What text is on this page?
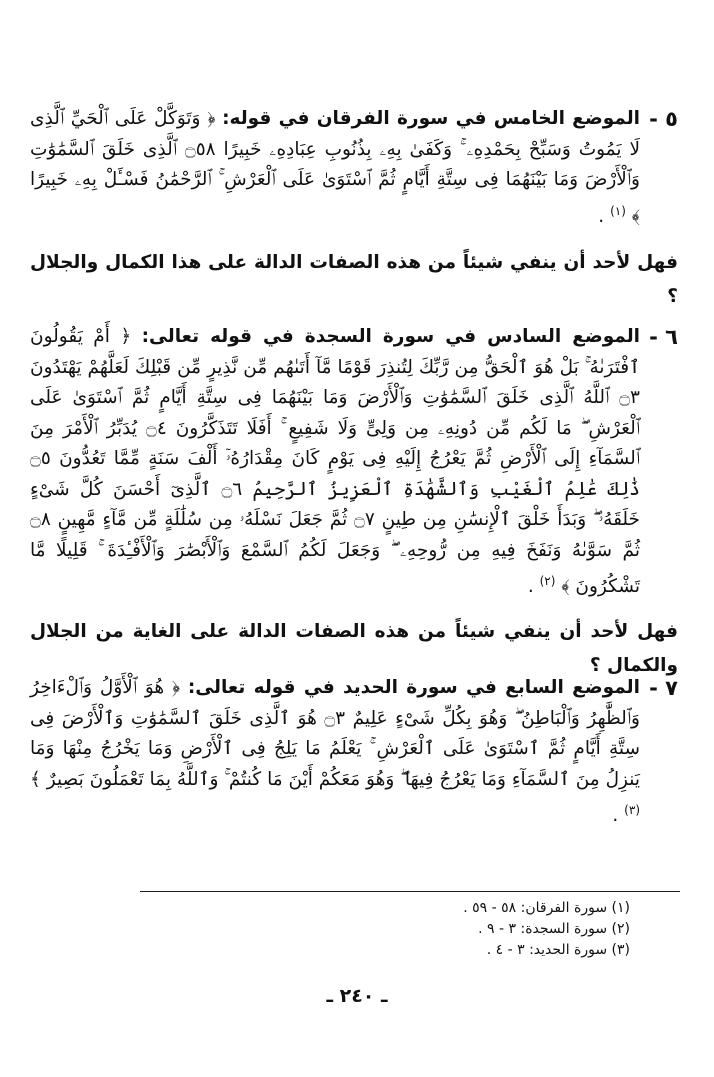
٥ -
الموضع الخامس في سورة الفرقان في قوله: ﴿ وَتَوَكَّلْ عَلَى ٱلْحَيِّ ٱلَّذِى لَا يَمُوتُ وَسَبِّحْ بِحَمْدِهِۦ ۚ وَكَفَىٰ بِهِۦ بِذُنُوبِ عِبَادِهِۦ خَبِيرًا ۝٥٨ ٱلَّذِى خَلَقَ ٱلسَّمَٰوَٰتِ وَٱلْأَرْضَ وَمَا بَيْنَهُمَا فِى سِتَّةِ أَيَّامٍ ثُمَّ ٱسْتَوَىٰ عَلَى ٱلْعَرْشِ ۚ ٱلرَّحْمَٰنُ فَسْـَٔلْ بِهِۦ خَبِيرًا ﴾ $^{(١)}$ .
فهل لأحد أن ينفي شيئاً من هذه الصفات الدالة على هذا الكمال والجلال ؟
٦ -
الموضع السادس في سورة السجدة في قوله تعالى: ﴿ أَمْ يَقُولُونَ ٱفْتَرَىٰهُ ۚ بَلْ هُوَ ٱلْحَقُّ مِن رَّبِّكَ لِتُنذِرَ قَوْمًا مَّآ أَتَىٰهُم مِّن نَّذِيرٍ مِّن قَبْلِكَ لَعَلَّهُمْ يَهْتَدُونَ ۝٣ ٱللَّهُ ٱلَّذِى خَلَقَ ٱلسَّمَٰوَٰتِ وَٱلْأَرْضَ وَمَا بَيْنَهُمَا فِى سِتَّةِ أَيَّامٍ ثُمَّ ٱسْتَوَىٰ عَلَى ٱلْعَرْشِ ۖ مَا لَكُم مِّن دُونِهِۦ مِن وَلِىٍّ وَلَا شَفِيعٍ ۚ أَفَلَا تَتَذَكَّرُونَ ۝٤ يُدَبِّرُ ٱلْأَمْرَ مِنَ ٱلسَّمَآءِ إِلَى ٱلْأَرْضِ ثُمَّ يَعْرُجُ إِلَيْهِ فِى يَوْمٍ كَانَ مِقْدَارُهُۥٓ أَلْفَ سَنَةٍ مِّمَّا تَعُدُّونَ ۝٥ ذَٰلِكَ عَٰلِمُ ٱلْغَيْبِ وَٱلشَّهَٰدَةِ ٱلْعَزِيزُ ٱلرَّحِيمُ ۝٦ ٱلَّذِىٓ أَحْسَنَ كُلَّ شَىْءٍ خَلَقَهُۥ ۖ وَبَدَأَ خَلْقَ ٱلْإِنسَٰنِ مِن طِينٍ ۝٧ ثُمَّ جَعَلَ نَسْلَهُۥ مِن سُلَٰلَةٍ مِّن مَّآءٍ مَّهِينٍ ۝٨ ثُمَّ سَوَّىٰهُ وَنَفَخَ فِيهِ مِن رُّوحِهِۦ ۖ وَجَعَلَ لَكُمُ ٱلسَّمْعَ وَٱلْأَبْصَٰرَ وَٱلْأَفْـِٔدَةَ ۚ قَلِيلًا مَّا تَشْكُرُونَ ﴾ $^{(٢)}$ .
فهل لأحد أن ينفي شيئاً من هذه الصفات الدالة على الغاية من الجلال والكمال ؟
٧ -
الموضع السابع في سورة الحديد في قوله تعالى: ﴿ هُوَ ٱلْأَوَّلُ وَٱلْءَاخِرُ وَٱلظَّٰهِرُ وَٱلْبَاطِنُ ۖ وَهُوَ بِكُلِّ شَىْءٍ عَلِيمٌ ۝٣ هُوَ ٱلَّذِى خَلَقَ ٱلسَّمَٰوَٰتِ وَٱلْأَرْضَ فِى سِتَّةِ أَيَّامٍ ثُمَّ ٱسْتَوَىٰ عَلَى ٱلْعَرْشِ ۚ يَعْلَمُ مَا يَلِجُ فِى ٱلْأَرْضِ وَمَا يَخْرُجُ مِنْهَا وَمَا يَنزِلُ مِنَ ٱلسَّمَآءِ وَمَا يَعْرُجُ فِيهَا ۖ وَهُوَ مَعَكُمْ أَيْنَ مَا كُنتُمْ ۚ وَٱللَّهُ بِمَا تَعْمَلُونَ بَصِيرٌ ﴾ $^{(٣)}$ .
(١) سورة الفرقان: ٥٨ - ٥٩ .
(٢) سورة السجدة: ٣ - ٩ .
(٣) سورة الحديد: ٣ - ٤ .
ـ ٢٤٠ ـ
